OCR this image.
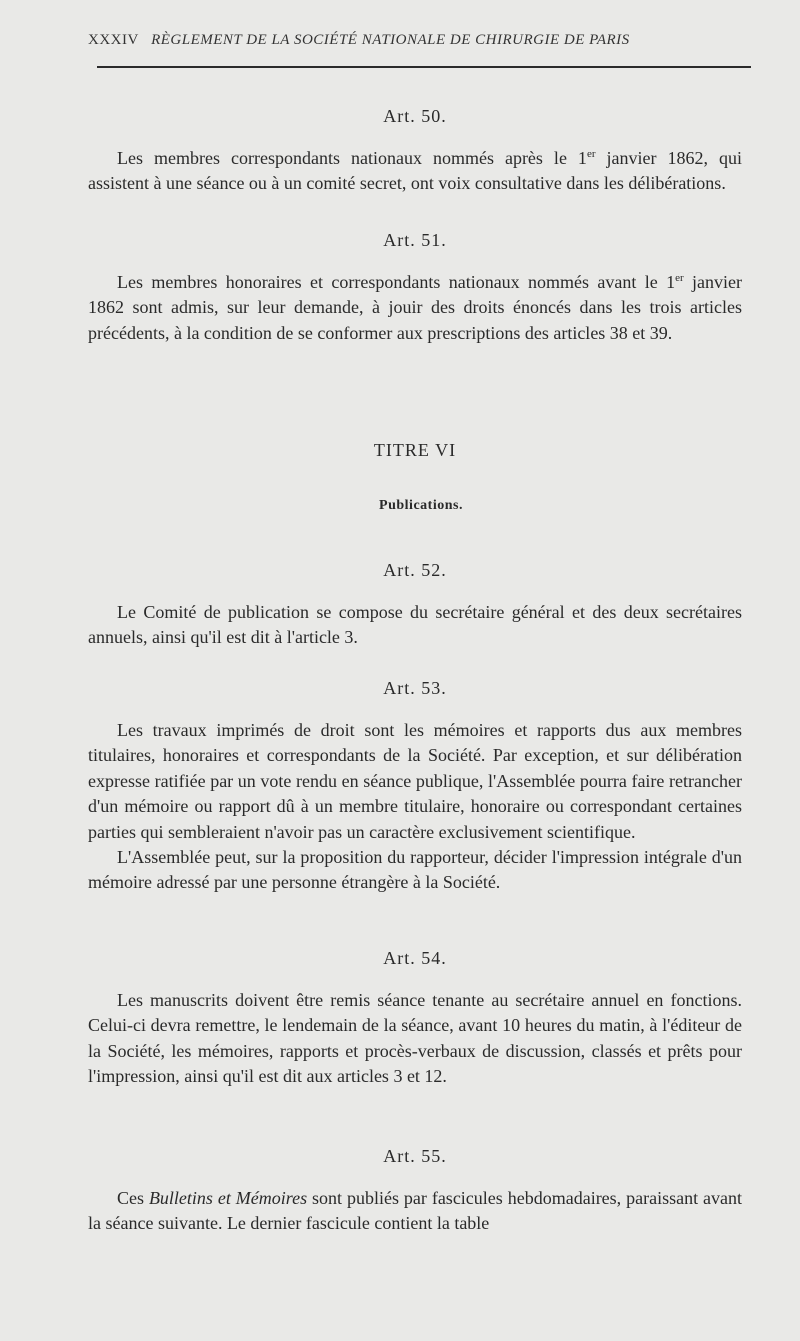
XXXIV RÈGLEMENT DE LA SOCIÉTÉ NATIONALE DE CHIRURGIE DE PARIS
Art. 50.

Les membres correspondants nationaux nommés après le 1er janvier 1862, qui assistent à une séance ou à un comité secret, ont voix consultative dans les délibérations.

Art. 51.

Les membres honoraires et correspondants nationaux nommés avant le 1er janvier 1862 sont admis, sur leur demande, à jouir des droits énoncés dans les trois articles précédents, à la condition de se conformer aux prescriptions des articles 38 et 39.

TITRE VI
Publications.
Art. 52.

Le Comité de publication se compose du secrétaire général et des deux secrétaires annuels, ainsi qu'il est dit à l'article 3.

Art. 53.

Les travaux imprimés de droit sont les mémoires et rapports dus aux membres titulaires, honoraires et correspondants de la Société. Par exception, et sur délibération expresse ratifiée par un vote rendu en séance publique, l'Assemblée pourra faire retrancher d'un mémoire ou rapport dû à un membre titulaire, honoraire ou correspondant certaines parties qui sembleraient n'avoir pas un caractère exclusivement scientifique.

L'Assemblée peut, sur la proposition du rapporteur, décider l'impression intégrale d'un mémoire adressé par une personne étrangère à la Société.

Art. 54.

Les manuscrits doivent être remis séance tenante au secrétaire annuel en fonctions. Celui-ci devra remettre, le lendemain de la séance, avant 10 heures du matin, à l'éditeur de la Société, les mémoires, rapports et procès-verbaux de discussion, classés et prêts pour l'impression, ainsi qu'il est dit aux articles 3 et 12.

Art. 55.

Ces Bulletins et Mémoires sont publiés par fascicules hebdomadaires, paraissant avant la séance suivante. Le dernier fascicule contient la table
